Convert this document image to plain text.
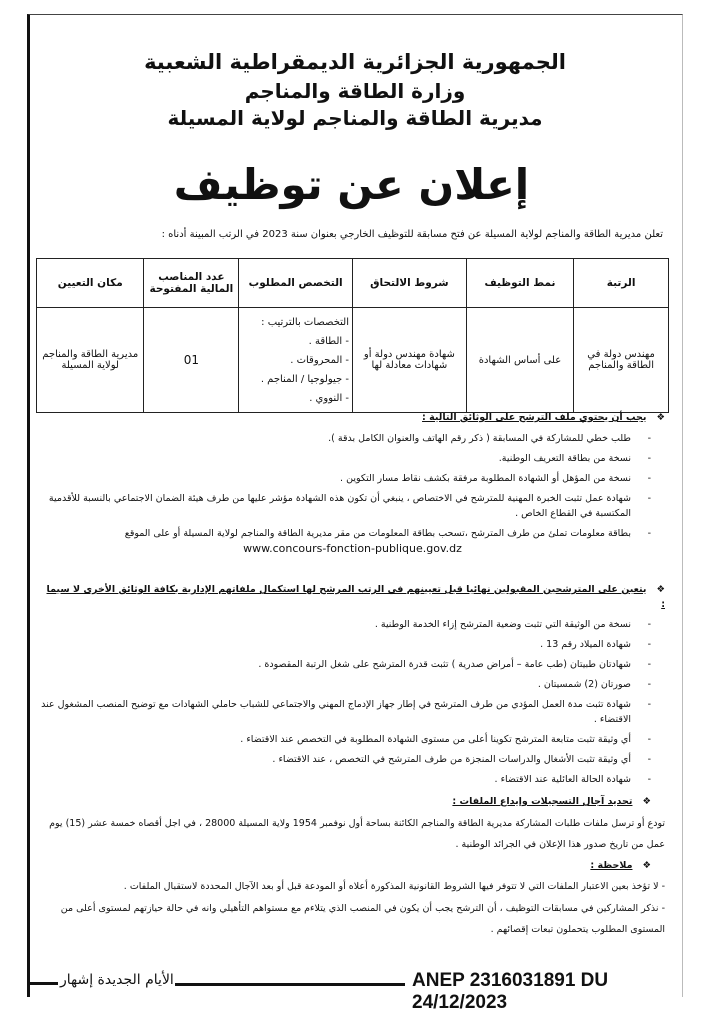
الجمهورية الجزائرية الديمقراطية الشعبية
وزارة الطاقة والمناجم
مديرية الطاقة والمناجم لولاية المسيلة
إعلان عن توظيف
تعلن مديرية الطاقة والمناجم لولاية المسيلة عن فتح مسابقة للتوظيف الخارجي بعنوان سنة 2023 في الرتب المبينة أدناه :
الرتبة	نمط التوظيف	شروط الالتحاق	التخصص المطلوب	عدد المناصب المالية المفتوحة	مكان التعيين
مهندس دولة في الطاقة والمناجم	على أساس الشهادة	شهادة مهندس دولة أو شهادات معادلة لها	التخصصات بالترتيب :
- الطاقة .
- المحروقات .
- جيولوجيا / المناجم .
- النووي .	01	مديرية الطاقة والمناجم لولاية المسيلة
❖يجب أن يحتوي ملف الترشح على الوثائق التالية :
- طلب خطي للمشاركة في المسابقة ( ذكر رقم الهاتف والعنوان الكامل بدقة ).
- نسخة من بطاقة التعريف الوطنية.
- نسخة من المؤهل أو الشهادة المطلوبة مرفقة بكشف نقاط مسار التكوين .
- شهادة عمل تثبت الخبرة المهنية للمترشح في الاختصاص ، ينبغي أن تكون هذه الشهادة مؤشر عليها من طرف هيئة الضمان الاجتماعي بالنسبة للأقدمية المكتسبة في القطاع الخاص .
- بطاقة معلومات تملئ من طرف المترشح ،تسحب بطاقة المعلومات من مقر مديرية الطاقة والمناجم لولاية المسيلة أو على الموقع
www.concours-fonction-publique.gov.dz
❖يتعين على المترشحين المقبولين نهائيا قبل تعيينهم في الرتب المرشح لها استكمال ملفاتهم الإدارية بكافة الوثائق الأخرى لا سيما :
- نسخة من الوثيقة التي تثبت وضعية المترشح إزاء الخدمة الوطنية .
- شهادة الميلاد رقم 13 .
- شهادتان طبيتان (طب عامة – أمراض صدرية ) تثبت قدرة المترشح على شغل الرتبة المقصودة .
- صورتان (2) شمسيتان .
- شهادة تثبت مدة العمل المؤدي من طرف المترشح في إطار جهاز الإدماج المهني والاجتماعي للشباب حاملي الشهادات مع توضيح المنصب المشغول عند الاقتضاء .
- أي وثيقة تثبت متابعة المترشح تكوينا أعلى من مستوى الشهادة المطلوبة في التخصص عند الاقتضاء .
- أي وثيقة تثبت الأشغال والدراسات المنجزة من طرف المترشح في التخصص ، عند الاقتضاء .
- شهادة الحالة العائلية عند الاقتضاء .
❖تحديد آجال التسجيلات وإيداع الملفات :
تودع أو ترسل ملفات طلبات المشاركة مديرية الطاقة والمناجم الكائنة بساحة أول نوفمبر 1954 ولاية المسيلة 28000 ، في اجل أقصاه خمسة عشر (15) يوم عمل من تاريخ صدور هذا الإعلان في الجرائد الوطنية .
❖ملاحظة :
- لا تؤخذ بعين الاعتبار الملفات التي لا تتوفر فيها الشروط القانونية المذكورة أعلاه أو المودعة قبل أو بعد الآجال المحددة لاستقبال الملفات .
- نذكر المشاركين في مسابقات التوظيف ، أن الترشح يجب أن يكون في المنصب الذي يتلاءم مع مستواهم التأهيلي وانه في حالة حيازتهم لمستوى أعلى من المستوى المطلوب يتحملون تبعات إقصائهم .
الأيام الجديدة إشهار	ANEP 2316031891 DU 24/12/2023
